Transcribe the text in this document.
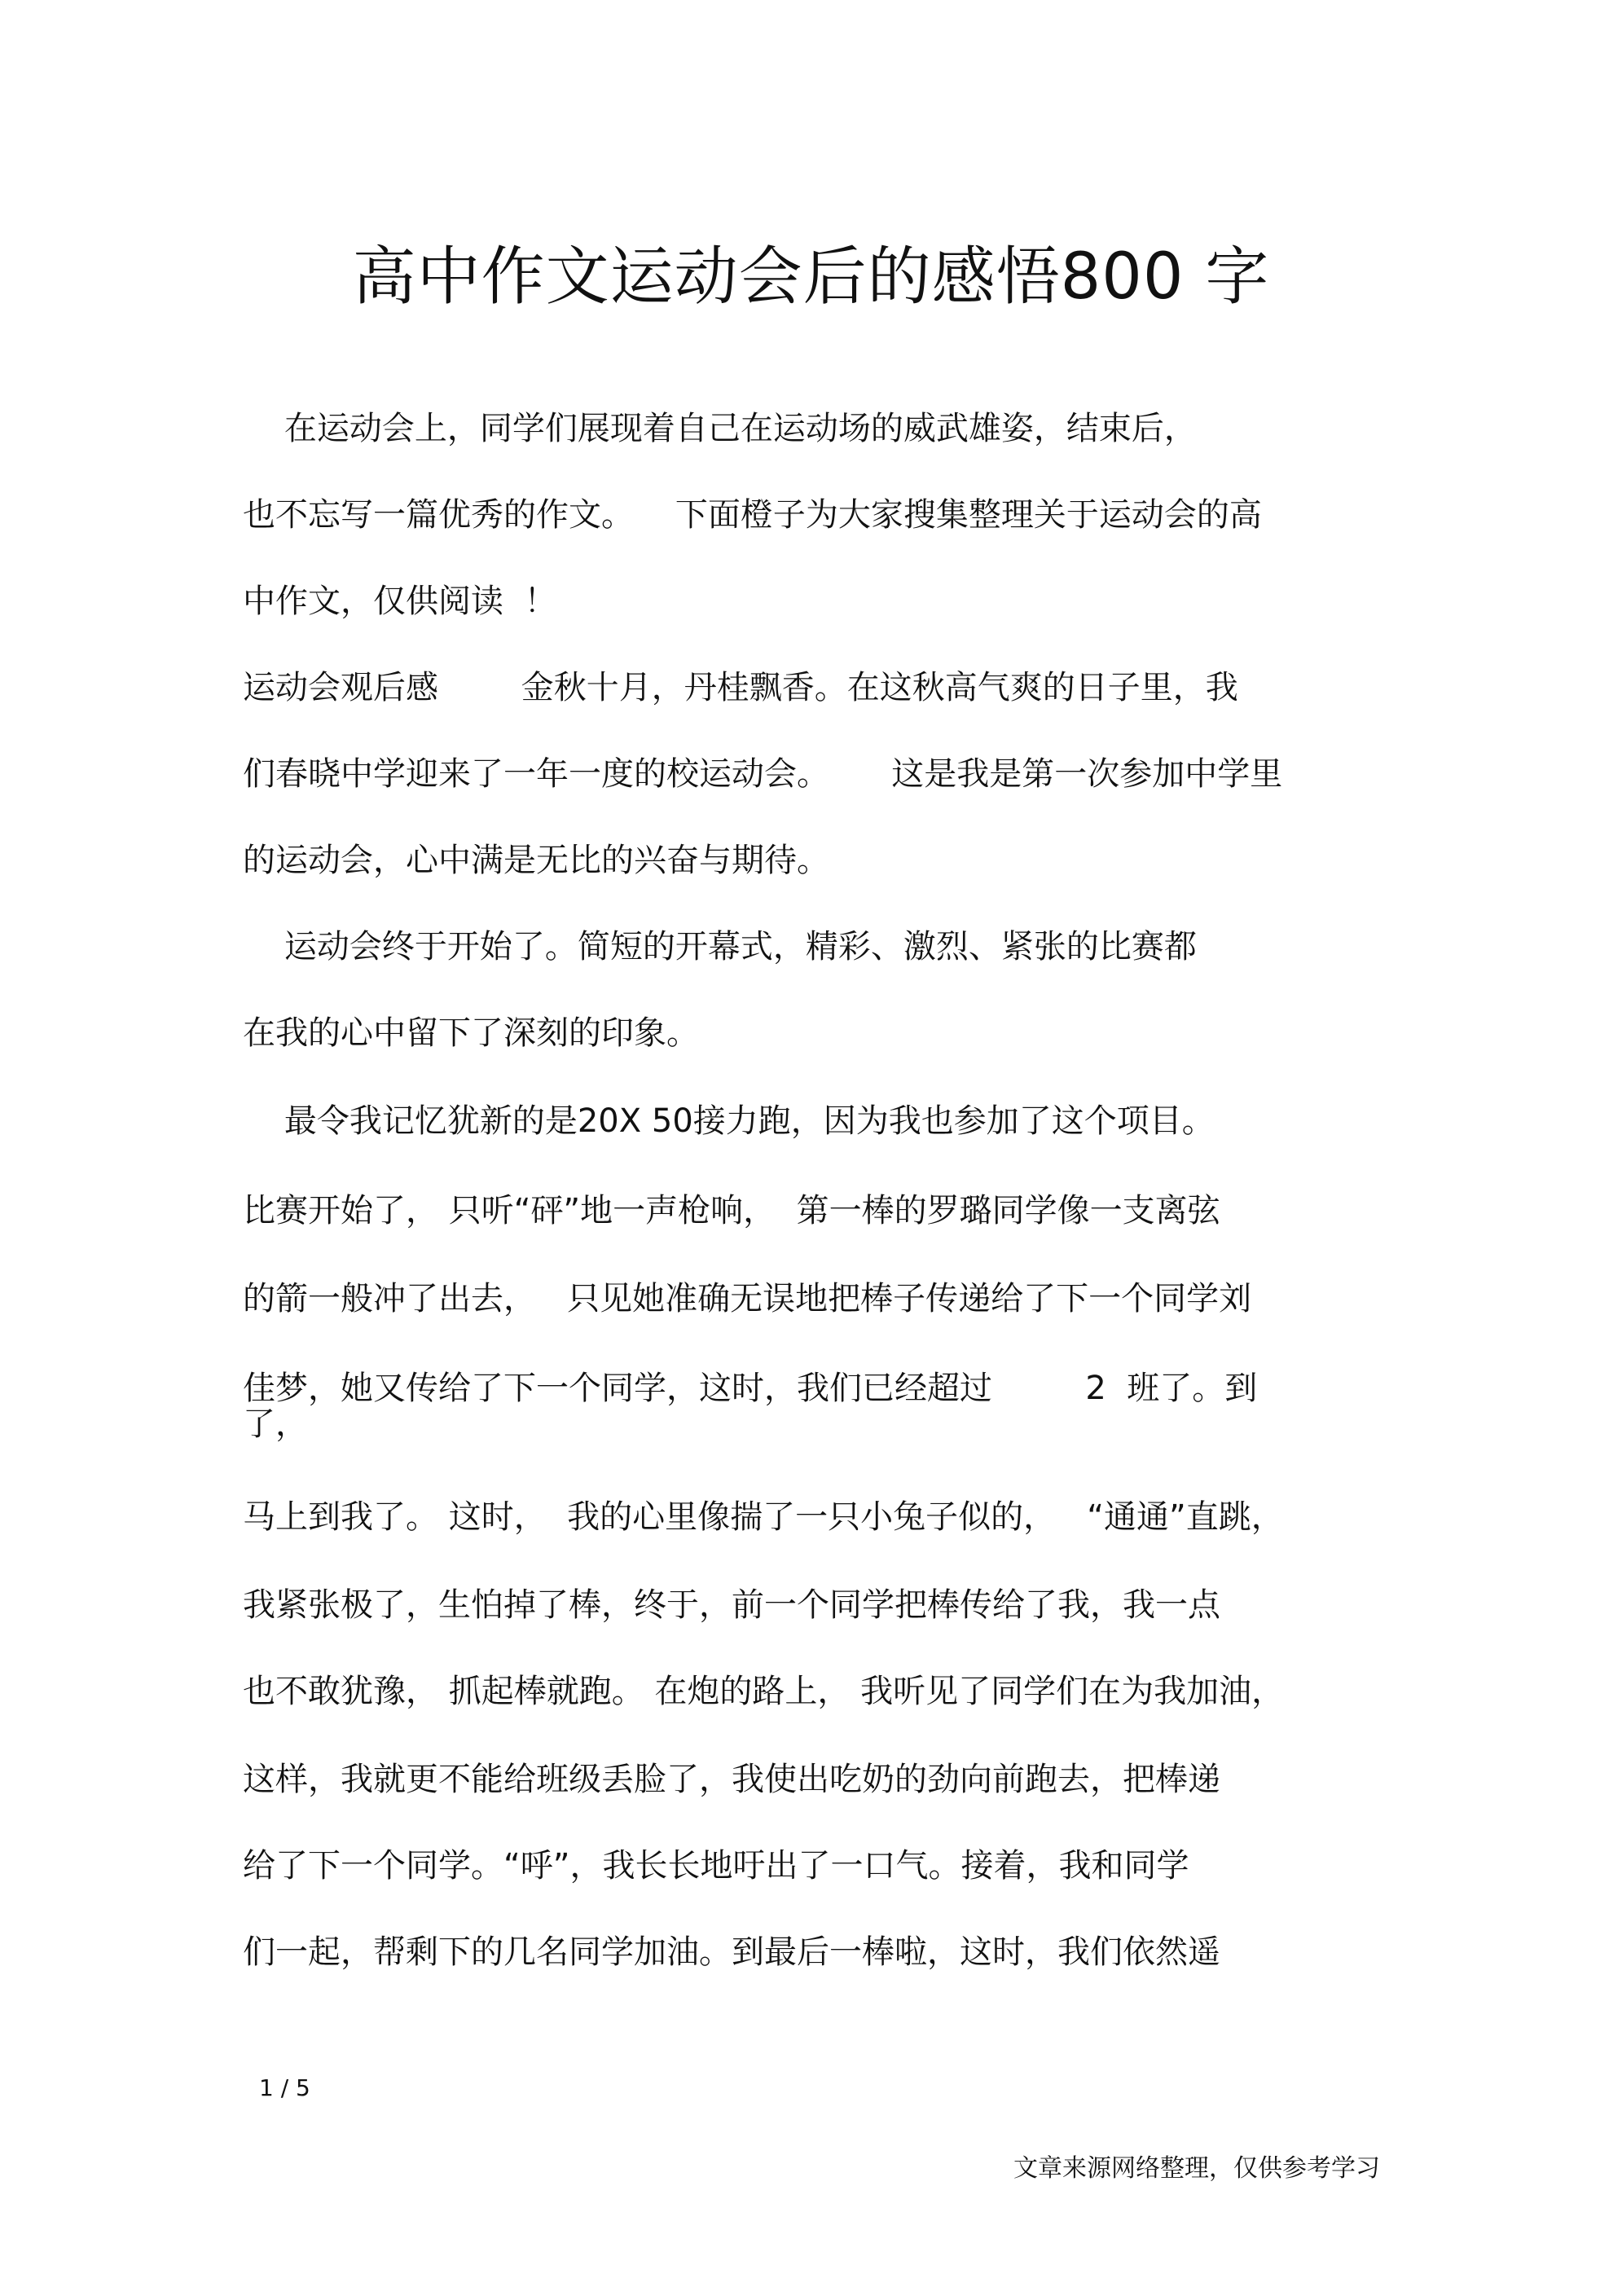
高中作文运动会后的感悟800 字

在运动会上，同学们展现着自己在运动场的威武雄姿，结束后，

也不忘写一篇优秀的作文。    下面橙子为大家搜集整理关于运动会的高

中作文，仅供阅读  ！

运动会观后感        金秋十月，丹桂飘香。在这秋高气爽的日子里，我

们春晓中学迎来了一年一度的校运动会。      这是我是第一次参加中学里

的运动会，心中满是无比的兴奋与期待。

运动会终于开始了。简短的开幕式，精彩、激烈、紧张的比赛都

在我的心中留下了深刻的印象。

最令我记忆犹新的是20X 50接力跑，因为我也参加了这个项目。

比赛开始了， 只听“砰”地一声枪响，  第一棒的罗璐同学像一支离弦

的箭一般冲了出去，   只见她准确无误地把棒子传递给了下一个同学刘

佳梦，她又传给了下一个同学，这时，我们已经超过         2  班了。到

了，

马上到我了。 这时，  我的心里像揣了一只小兔子似的，   “通通”直跳，

我紧张极了，生怕掉了棒，终于，前一个同学把棒传给了我，我一点

也不敢犹豫， 抓起棒就跑。 在炮的路上， 我听见了同学们在为我加油，

这样，我就更不能给班级丢脸了，我使出吃奶的劲向前跑去，把棒递

给了下一个同学。“呼”，我长长地吁出了一口气。接着，我和同学

们一起，帮剩下的几名同学加油。到最后一棒啦，这时，我们依然遥

1 / 5
文章来源网络整理，仅供参考学习
